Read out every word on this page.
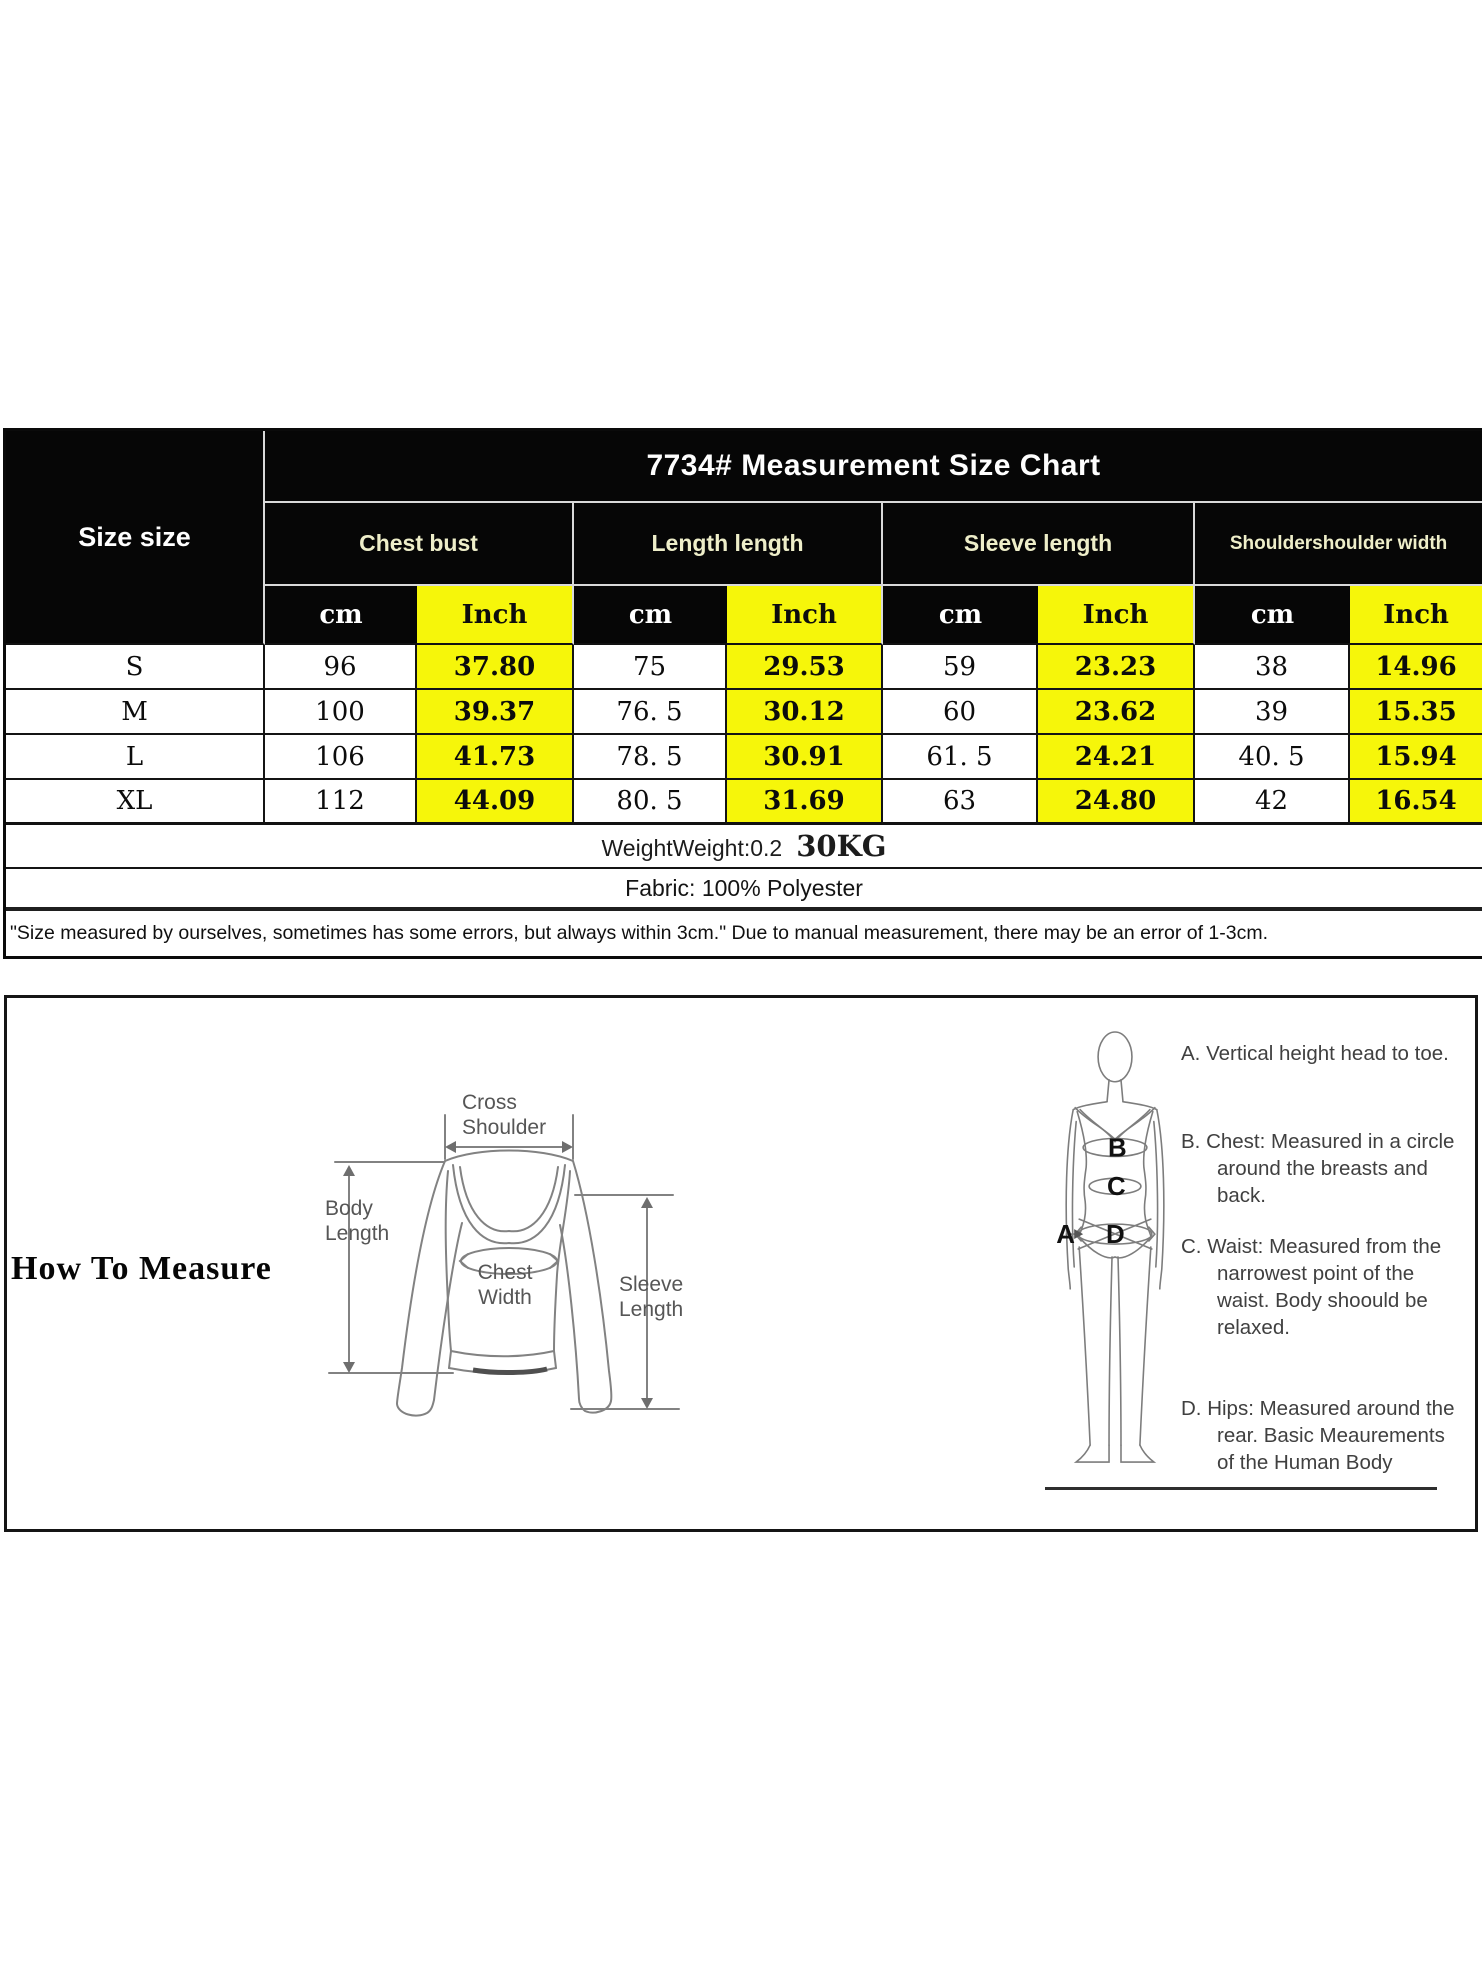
Size size	7734# Measurement Size Chart							
	Chest bust		Length length		Sleeve length		Shouldershoulder width	
	cm	Inch	cm	Inch	cm	Inch	cm	Inch
S	96	37.80	75	29.53	59	23.23	38	14.96
M	100	39.37	76. 5	30.12	60	23.62	39	15.35
L	106	41.73	78. 5	30.91	61. 5	24.21	40. 5	15.94
XL	112	44.09	80. 5	31.69	63	24.80	42	16.54
WeightWeight:0.2 30KG								
Fabric: 100% Polyester								
"Size measured by ourselves, sometimes has some errors, but always within 3cm." Due to manual measurement, there may be an error of 1-3cm.								
How To Measure
Cross Shoulder
Body Length
Chest Width
Sleeve Length
A
B
C
D
A. Vertical height head to toe.
B. Chest: Measured in a circle around the breasts and back.
C. Waist: Measured from the narrowest point of the waist. Body shoould be relaxed.
D. Hips: Measured around the rear. Basic Meaurements of the Human Body
